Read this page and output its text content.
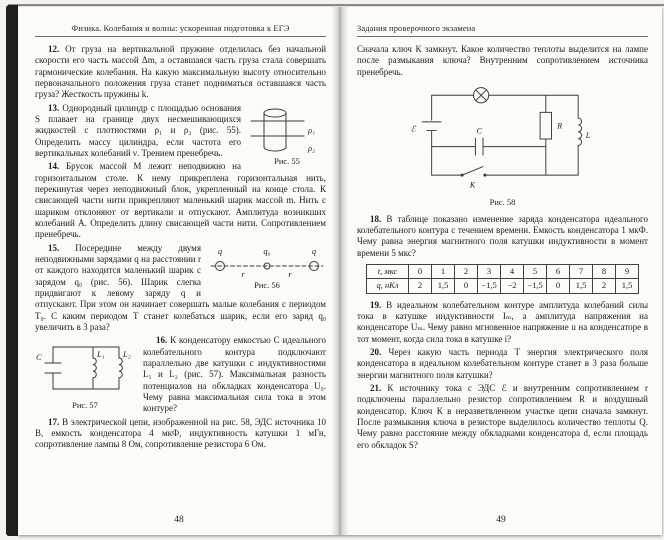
Физика. Колебания и волны: ускоренная подготовка к ЕГЭ

12. От груза на вертикальной пружине отделилась без начальной скорости его часть массой Δm, а оставшаяся часть груза стала совершать гармонические колебания. На какую максимальную высоту относительно первоначального положения груза станет подниматься оставшаяся часть груза? Жесткость пружины k.

ρ₁
ρ₂
Рис. 55
13. Однородный цилиндр с площадью основания S плавает на границе двух несмешивающихся жидкостей с плотностями ρ₁ и ρ₂ (рис. 55). Определить массу цилиндра, если частота его вертикальных колебаний ν. Трением пренебречь.

14. Брусок массой M лежит неподвижно на горизонтальном столе. К нему прикреплена горизонтальная нить, перекинутая через неподвижный блок, укрепленный на конце стола. К свисающей части нити прикрепляют маленький шарик массой m. Нить с шариком отклоняют от вертикали и отпускают. Амплитуда возникших колебаний A. Определить длину свисающей части нити. Сопротивлением пренебречь.

q	q₀	q
r	r
Рис. 56
15. Посередине между двумя неподвижными зарядами q на расстоянии r от каждого находится маленький шарик с зарядом q₀ (рис. 56). Шарик слегка придвигают к левому заряду q и отпускают. При этом он начинает совершать малые колебания с периодом T₀. С каким периодом T станет колебаться шарик, если его заряд q₀ увеличить в 3 раза?

C	L₁ L₂
Рис. 57
16. К конденсатору емкостью C идеального колебательного контура подключают параллельно две катушки с индуктивностями L₁ и L₂ (рис. 57). Максимальная разность потенциалов на обкладках конденсатора U₀. Чему равна максимальная сила тока в этом контуре?

17. В электрической цепи, изображенной на рис. 58, ЭДС источника 10 В, емкость конденсатора 4 мкФ, индуктивность катушки 1 мГн, сопротивление лампы 8 Ом, сопротивление резистора 6 Ом.

48
Задания проверочного экзамена

Сначала ключ К замкнут. Какое количество теплоты выделится на лампе после размыкания ключа? Внутренним сопротивлением источника пренебречь.

ℰ	R
C
L
К
Рис. 58

18. В таблице показано изменение заряда конденсатора идеального колебательного контура с течением времени. Емкость конденсатора 1 мкФ. Чему равна энергия магнитного поля катушки индуктивности в момент времени 5 мкс?

t, мкс	0	1	2	3	4	5	6	7	8	9
q, нКл	2	1,5	0	−1,5	−2	−1,5	0	1,5	2	1,5

19. В идеальном колебательном контуре амплитуда колебаний силы тока в катушке индуктивности Iₘ, а амплитуда напряжения на конденсаторе Uₘ. Чему равно мгновенное напряжение u на конденсаторе в тот момент, когда сила тока в катушке i?

20. Через какую часть периода T энергия электрического поля конденсатора в идеальном колебательном контуре станет в 3 раза больше энергии магнитного поля катушки?

21. К источнику тока с ЭДС ℰ и внутренним сопротивлением r подключены параллельно резистор сопротивлением R и воздушный конденсатор. Ключ К в неразветвленном участке цепи сначала замкнут. После размыкания ключа в резисторе выделилось количество теплоты Q. Чему равно расстояние между обкладками конденсатора d, если площадь его обкладок S?

49
